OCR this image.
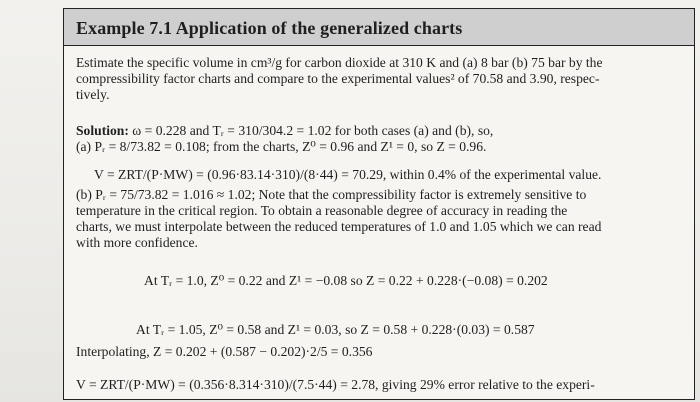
Example 7.1 Application of the generalized charts
Estimate the specific volume in cm³/g for carbon dioxide at 310 K and (a) 8 bar (b) 75 bar by the
compressibility factor charts and compare to the experimental values² of 70.58 and 3.90, respec-
tively.
Solution: ω = 0.228 and Tᵣ = 310/304.2 = 1.02 for both cases (a) and (b), so,
(a) Pᵣ = 8/73.82 = 0.108; from the charts, Z⁰ = 0.96 and Z¹ = 0, so Z = 0.96.
V = ZRT/(P·MW) = (0.96·83.14·310)/(8·44) = 70.29, within 0.4% of the experimental value.
(b) Pᵣ = 75/73.82 = 1.016 ≈ 1.02; Note that the compressibility factor is extremely sensitive to
temperature in the critical region. To obtain a reasonable degree of accuracy in reading the
charts, we must interpolate between the reduced temperatures of 1.0 and 1.05 which we can read
with more confidence.
At Tᵣ = 1.0, Z⁰ = 0.22 and Z¹ = −0.08 so Z = 0.22 + 0.228·(−0.08) = 0.202
At Tᵣ = 1.05, Z⁰ = 0.58 and Z¹ = 0.03, so Z = 0.58 + 0.228·(0.03) = 0.587
Interpolating, Z = 0.202 + (0.587 − 0.202)·2/5 = 0.356
V = ZRT/(P·MW) = (0.356·8.314·310)/(7.5·44) = 2.78, giving 29% error relative to the experi-
